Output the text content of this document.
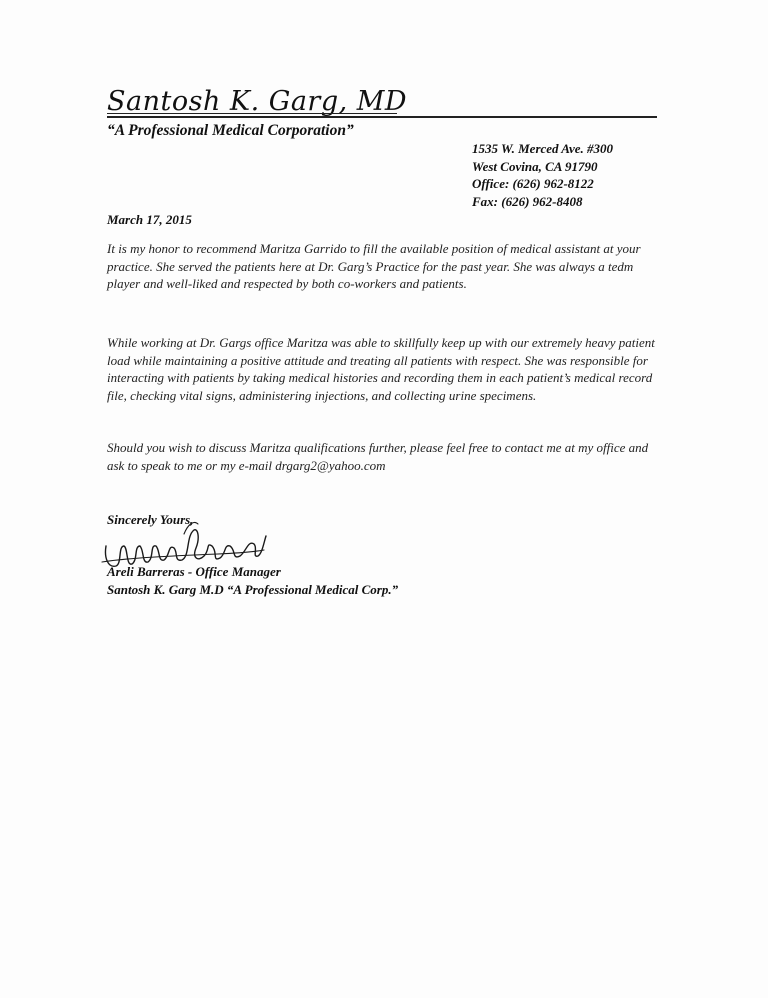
Santosh K. Garg, MD
“A Professional Medical Corporation”
1535 W. Merced Ave. #300
West Covina, CA 91790
Office: (626) 962-8122
Fax: (626) 962-8408
March 17, 2015

It is my honor to recommend Maritza Garrido to fill the available position of medical assistant at your practice. She served the patients here at Dr. Garg’s Practice for the past year. She was always a tedm player and well-liked and respected by both co-workers and patients.

While working at Dr. Gargs office Maritza was able to skillfully keep up with our extremely heavy patient load while maintaining a positive attitude and treating all patients with respect. She was responsible for interacting with patients by taking medical histories and recording them in each patient’s medical record file, checking vital signs, administering injections, and collecting urine specimens.

Should you wish to discuss Maritza qualifications further, please feel free to contact me at my office and ask to speak to me or my e-mail drgarg2@yahoo.com

Sincerely Yours,
Areli Barreras - Office Manager
Santosh K. Garg M.D “A Professional Medical Corp.”
